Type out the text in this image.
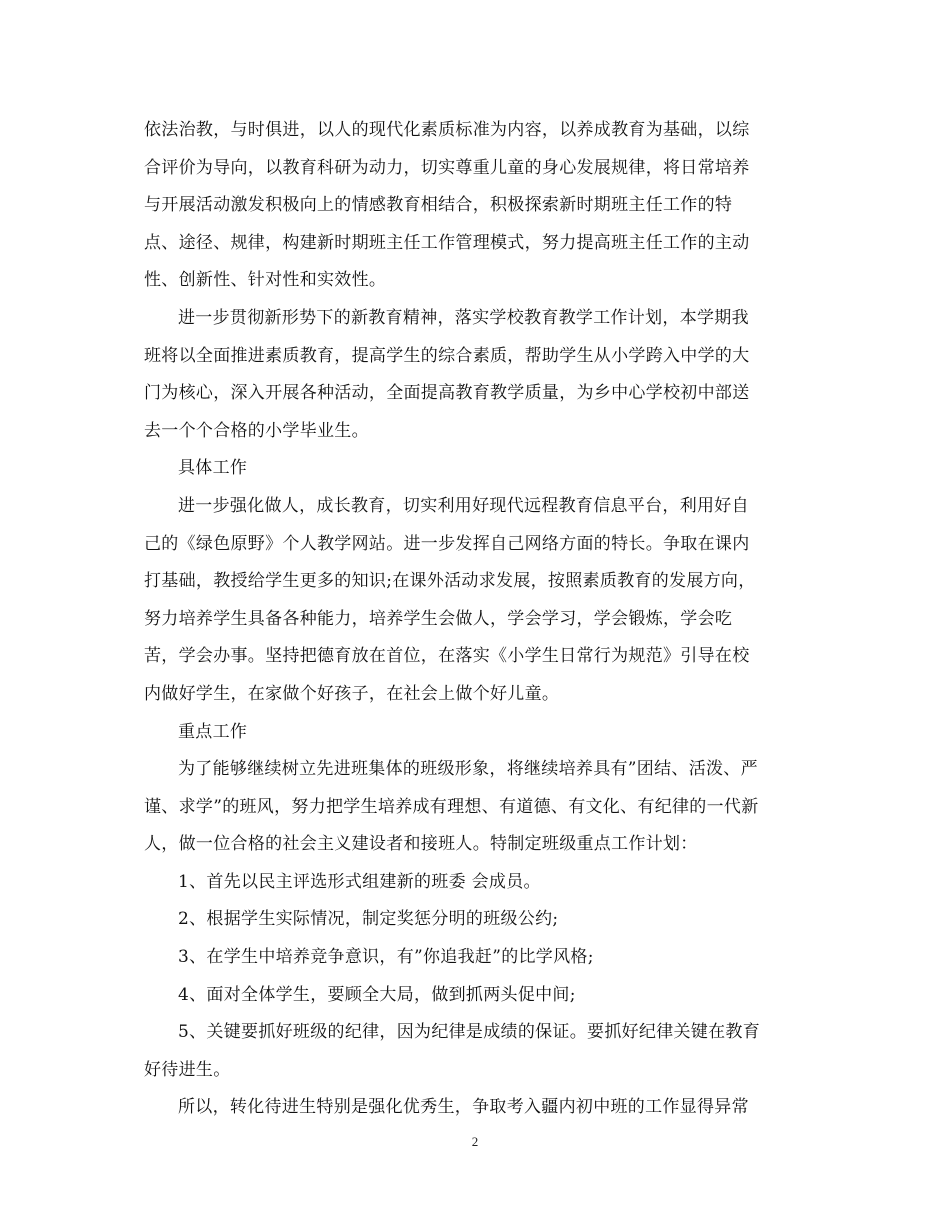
依法治教，与时俱进，以人的现代化素质标准为内容，以养成教育为基础，以综
合评价为导向，以教育科研为动力，切实尊重儿童的身心发展规律，将日常培养
与开展活动激发积极向上的情感教育相结合，积极探索新时期班主任工作的特
点、途径、规律，构建新时期班主任工作管理模式，努力提高班主任工作的主动
性、创新性、针对性和实效性。
进一步贯彻新形势下的新教育精神，落实学校教育教学工作计划，本学期我
班将以全面推进素质教育，提高学生的综合素质，帮助学生从小学跨入中学的大
门为核心，深入开展各种活动，全面提高教育教学质量，为乡中心学校初中部送
去一个个合格的小学毕业生。
具体工作
进一步强化做人，成长教育，切实利用好现代远程教育信息平台，利用好自
己的《绿色原野》个人教学网站。进一步发挥自己网络方面的特长。争取在课内
打基础，教授给学生更多的知识;在课外活动求发展，按照素质教育的发展方向，
努力培养学生具备各种能力，培养学生会做人，学会学习，学会锻炼，学会吃
苦，学会办事。坚持把德育放在首位，在落实《小学生日常行为规范》引导在校
内做好学生，在家做个好孩子，在社会上做个好儿童。
重点工作
为了能够继续树立先进班集体的班级形象，将继续培养具有”团结、活泼、严
谨、求学”的班风，努力把学生培养成有理想、有道德、有文化、有纪律的一代新
人，做一位合格的社会主义建设者和接班人。特制定班级重点工作计划：
1、首先以民主评选形式组建新的班委 会成员。
2、根据学生实际情况，制定奖惩分明的班级公约;
3、在学生中培养竞争意识，有”你追我赶”的比学风格;
4、面对全体学生，要顾全大局，做到抓两头促中间;
5、关键要抓好班级的纪律，因为纪律是成绩的保证。要抓好纪律关键在教育
好待进生。
所以，转化待进生特别是强化优秀生，争取考入疆内初中班的工作显得异常
2
